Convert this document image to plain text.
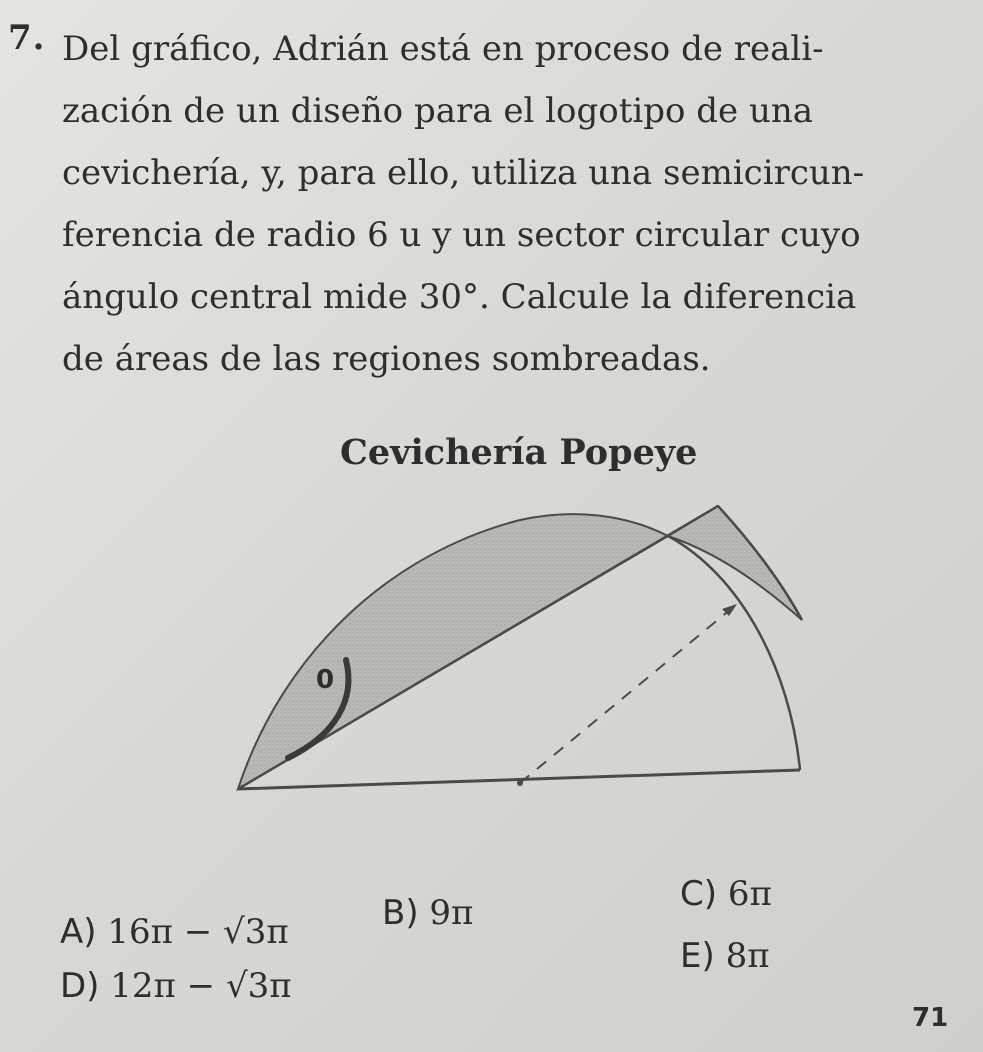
7. Del gráfico, Adrián está en proceso de reali-
zación de un diseño para el logotipo de una
cevichería, y, para ello, utiliza una semicircun-
ferencia de radio 6 u y un sector circular cuyo
ángulo central mide 30°. Calcule la diferencia
de áreas de las regiones sombreadas.
Cevichería Popeye
0
A) 16π − √3π	B) 9π	C) 6π
D) 12π − √3π
E) 8π
71
